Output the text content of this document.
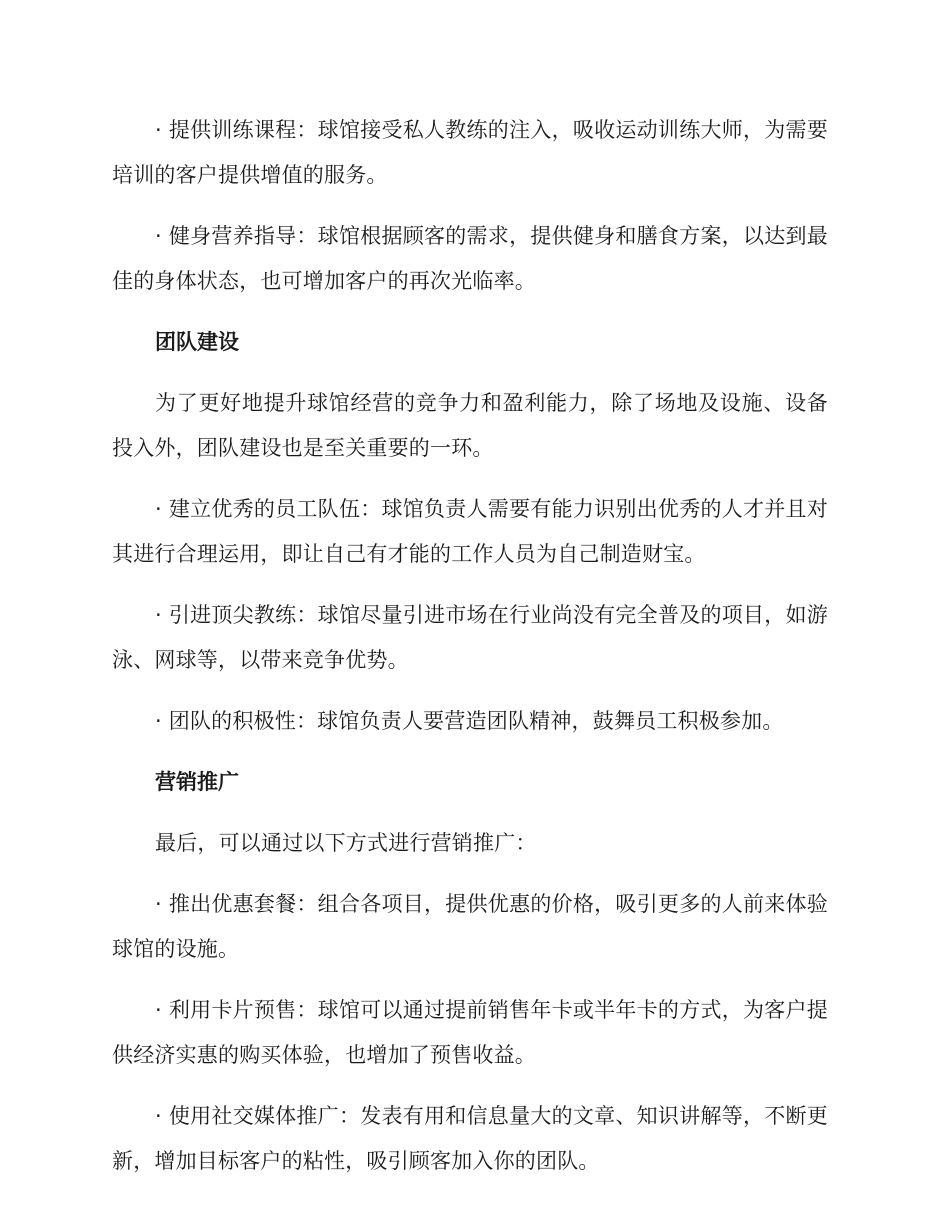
· 提供训练课程：球馆接受私人教练的注入，吸收运动训练大师，为需要培训的客户提供增值的服务。

· 健身营养指导：球馆根据顾客的需求，提供健身和膳食方案，以达到最佳的身体状态，也可增加客户的再次光临率。

团队建设

为了更好地提升球馆经营的竞争力和盈利能力，除了场地及设施、设备投入外，团队建设也是至关重要的一环。

· 建立优秀的员工队伍：球馆负责人需要有能力识别出优秀的人才并且对其进行合理运用，即让自己有才能的工作人员为自己制造财宝。

· 引进顶尖教练：球馆尽量引进市场在行业尚没有完全普及的项目，如游泳、网球等，以带来竞争优势。

· 团队的积极性：球馆负责人要营造团队精神，鼓舞员工积极参加。

营销推广

最后，可以通过以下方式进行营销推广：

· 推出优惠套餐：组合各项目，提供优惠的价格，吸引更多的人前来体验球馆的设施。

· 利用卡片预售：球馆可以通过提前销售年卡或半年卡的方式，为客户提供经济实惠的购买体验，也增加了预售收益。

· 使用社交媒体推广：发表有用和信息量大的文章、知识讲解等，不断更新，增加目标客户的粘性，吸引顾客加入你的团队。
